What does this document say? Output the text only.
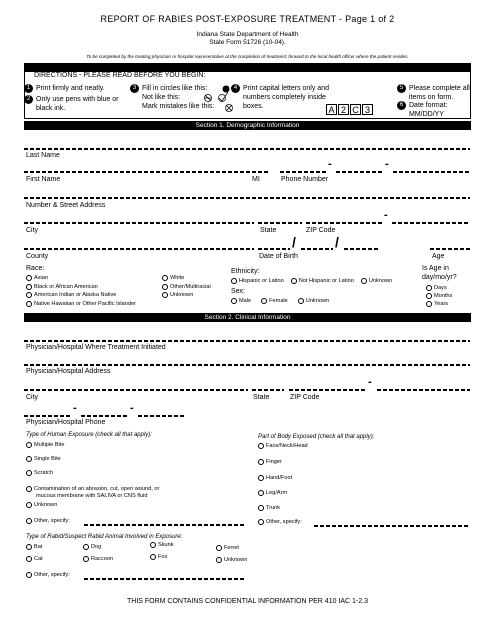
REPORT OF RABIES POST-EXPOSURE TREATMENT - Page 1 of 2
Indiana State Department of Health
State Form 51726 (10-04).
To be completed by the treating physician or hospital representative at the completion of treatment; forward to the local health officer where the patient resides.
DIRECTIONS - PLEASE READ BEFORE YOU BEGIN:
1 Print firmly and neatly.
2 Only use pens with blue or black ink.
3 Fill in circles like this:
Not like this:
Mark mistakes like this:
4 Print capital letters only and numbers completely inside boxes.	A 2 C 3
5 Please complete all items on form.
6 Date format: MM/DD/YY
Section 1. Demographic Information
Last Name
-	-
First Name	MI	Phone Number
Number & Street Address
-
City	State	ZIP Code
/	/
County	Date of Birth	Age
Race:
Asian
Black or African American
American Indian or Alaska Native
Native Hawaiian or Other Pacific Islander
White
Other/Multiracial
Unknown
Ethnicity:
Hispanic or Latino	Not Hispanic or Latino	Unknown
Sex:
Male	Female	Unknown
Is Age in
day/mo/yr?
Days
Months
Years
Section 2. Clinical Information
Physician/Hospital Where Treatment Initiated
Physician/Hospital Address
-
City	State	ZIP Code
-	-
Physician/Hospital Phone
Type of Human Exposure (check all that apply):
Multiple Bite
Single Bite
Scratch
Contamination of an abrasion, cut, open wound, or
mucous membrane with SALIVA or CNS fluid
Unknown
Other, specify:
Part of Body Exposed (check all that apply):
Face/Neck/Head
Finger
Hand/Foot
Leg/Arm
Trunk
Other, specify:
Type of Rabid/Suspect Rabid Animal Involved in Exposure:
Bat	Dog	Skunk	Ferret
Cat	Raccoon	Fox	Unknown
Other, specify:
THIS FORM CONTAINS CONFIDENTIAL INFORMATION PER 410 IAC 1-2.3
